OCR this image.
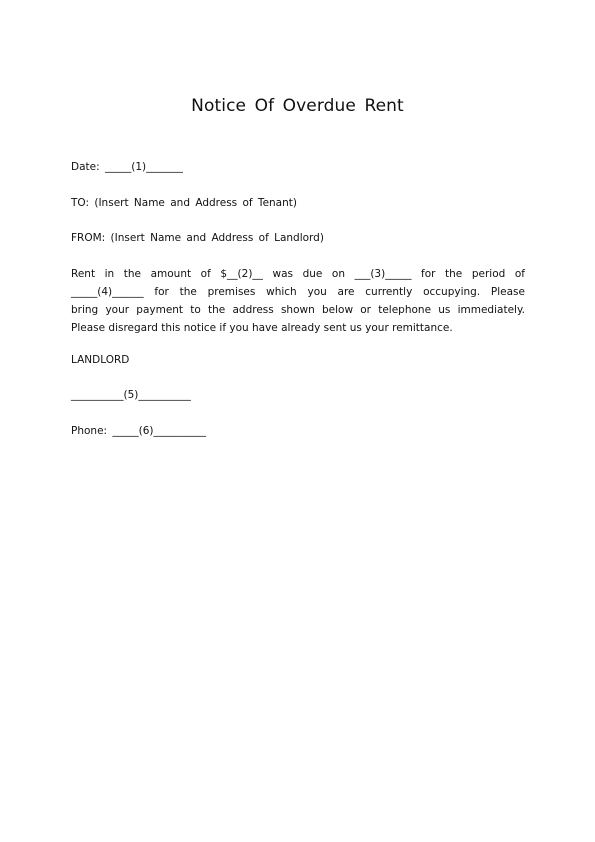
Notice Of Overdue Rent
Date: _____(1)_______
TO: (Insert Name and Address of Tenant)
FROM: (Insert Name and Address of Landlord)
Rent in the amount of $__(2)__ was due on ___(3)_____ for the period of
_____(4)______ for the premises which you are currently occupying. Please
bring your payment to the address shown below or telephone us immediately.
Please disregard this notice if you have already sent us your remittance.
LANDLORD
__________(5)__________
Phone: _____(6)__________
